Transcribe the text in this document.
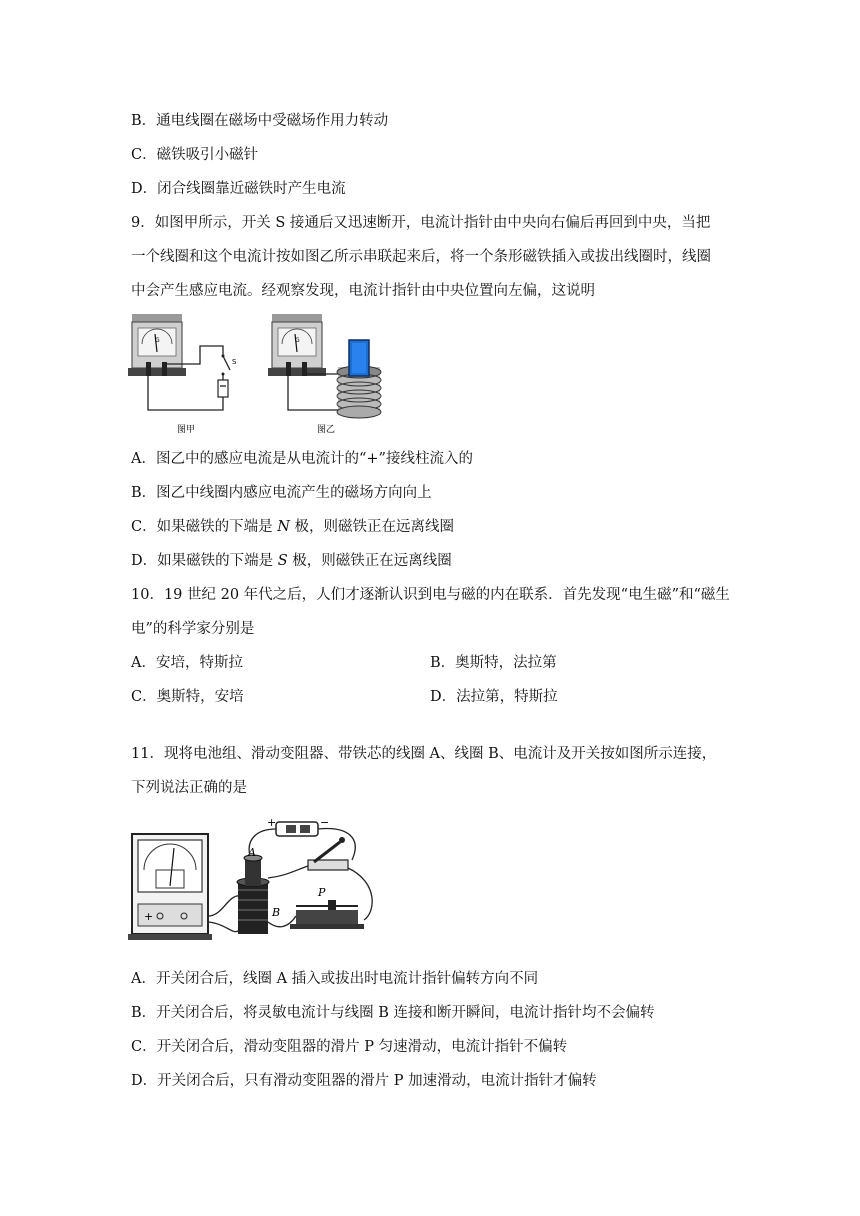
B．通电线圈在磁场中受磁场作用力转动
C．磁铁吸引小磁针
D．闭合线圈靠近磁铁时产生电流
9．如图甲所示，开关 S 接通后又迅速断开，电流计指针由中央向右偏后再回到中央，当把
一个线圈和这个电流计按如图乙所示串联起来后，将一个条形磁铁插入或拔出线圈时，线圈
中会产生感应电流。经观察发现，电流计指针由中央位置向左偏，这说明
G
S
图甲
G
图乙
A．图乙中的感应电流是从电流计的“+”接线柱流入的
B．图乙中线圈内感应电流产生的磁场方向向上
C．如果磁铁的下端是 N 极，则磁铁正在远离线圈
D．如果磁铁的下端是 S 极，则磁铁正在远离线圈
10．19 世纪 20 年代之后，人们才逐渐认识到电与磁的内在联系．首先发现“电生磁”和“磁生
电”的科学家分别是
A．安培，特斯拉	B．奥斯特，法拉第
C．奥斯特，安培	D．法拉第，特斯拉
11．现将电池组、滑动变阻器、带铁芯的线圈 A、线圈 B、电流计及开关按如图所示连接，
下列说法正确的是
+
+	−
A
B
P
A．开关闭合后，线圈 A 插入或拔出时电流计指针偏转方向不同
B．开关闭合后，将灵敏电流计与线圈 B 连接和断开瞬间，电流计指针均不会偏转
C．开关闭合后，滑动变阻器的滑片 P 匀速滑动，电流计指针不偏转
D．开关闭合后，只有滑动变阻器的滑片 P 加速滑动，电流计指针才偏转
